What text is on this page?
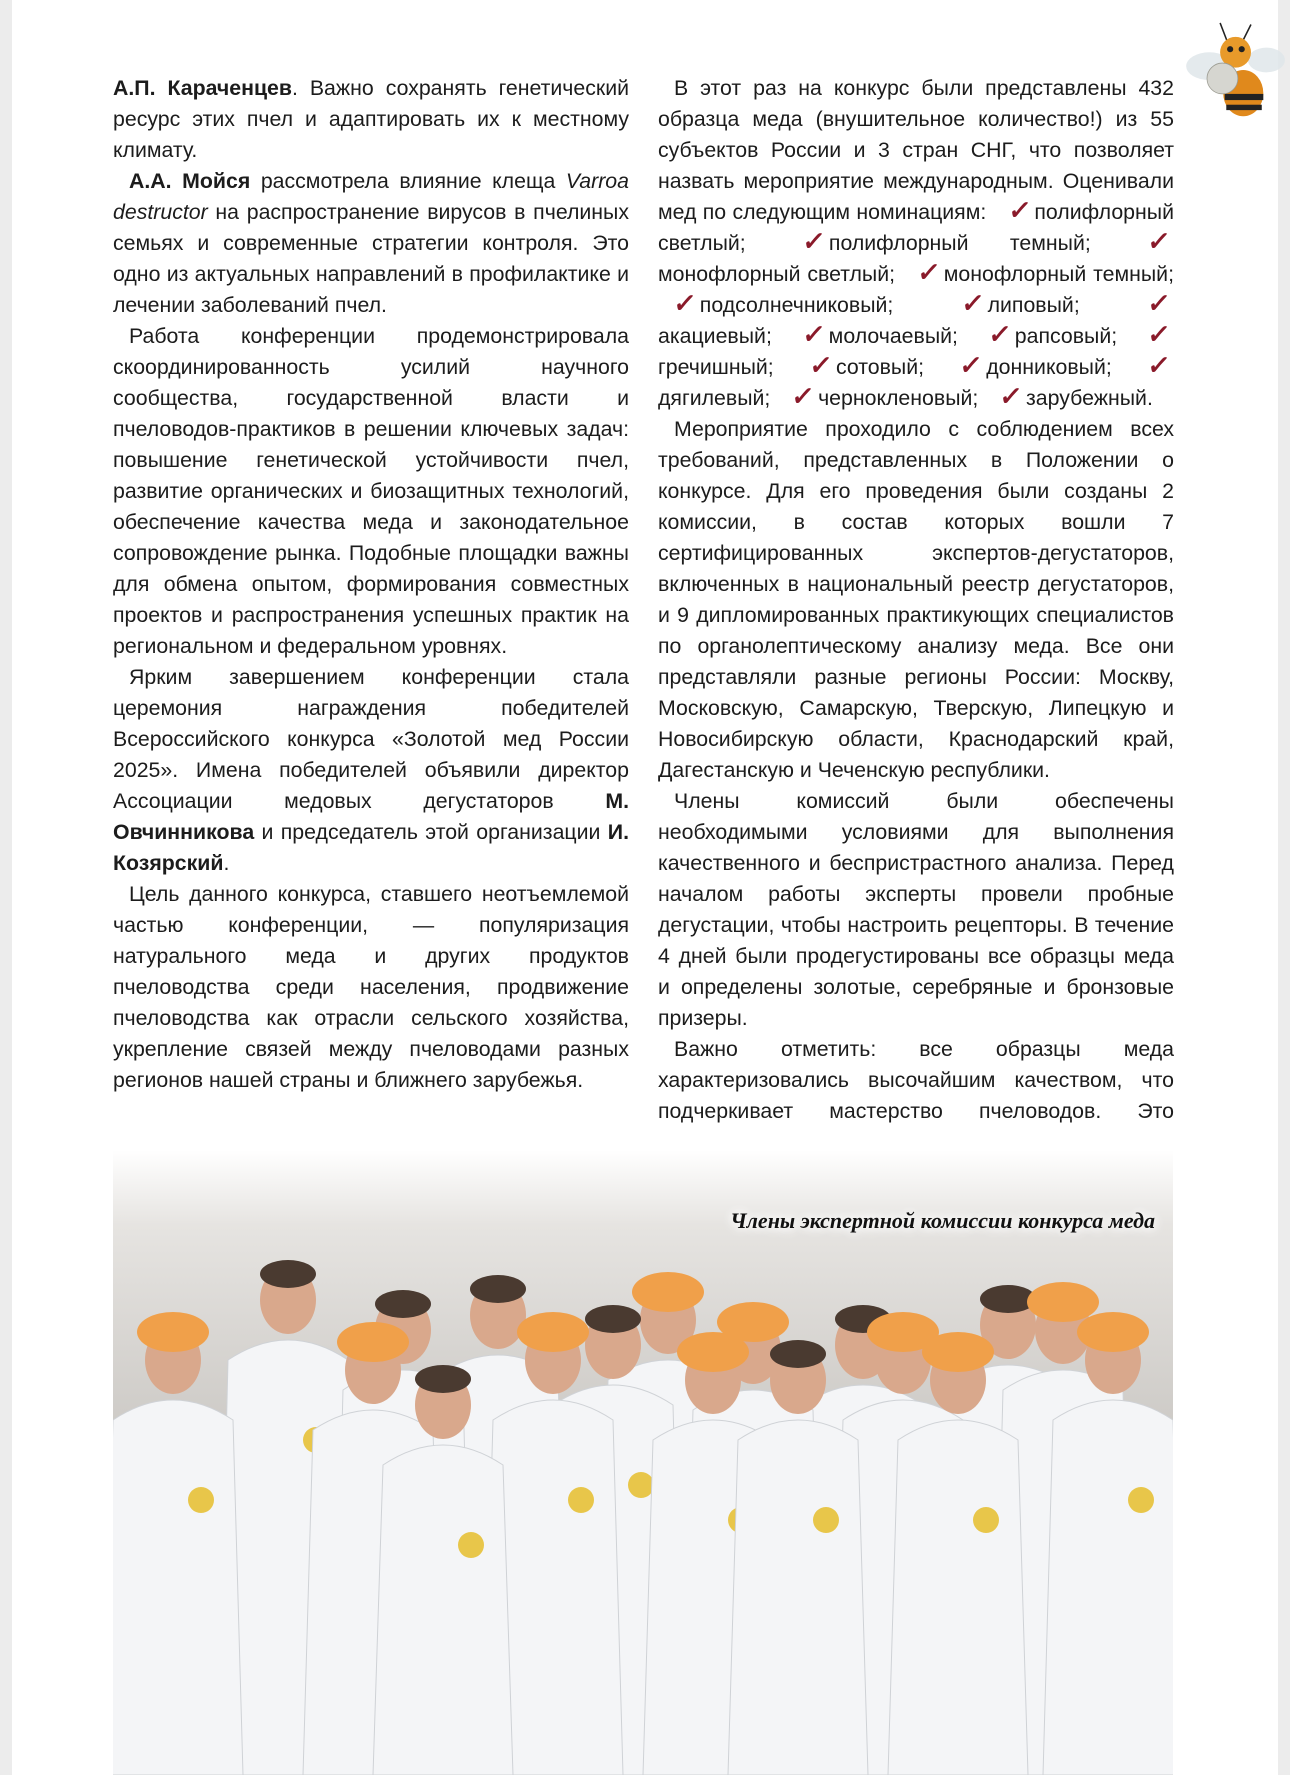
А.П. Караченцев. Важно сохранять генетический ресурс этих пчел и адаптировать их к местному климату.

А.А. Мойся рассмотрела влияние клеща Varroa destructor на распространение вирусов в пчелиных семьях и современные стратегии контроля. Это одно из актуальных направлений в профилактике и лечении заболеваний пчел.

Работа конференции продемонстрировала скоординированность усилий научного сообщества, государственной власти и пчеловодов-практиков в решении ключевых задач: повышение генетической устойчивости пчел, развитие органических и биозащитных технологий, обеспечение качества меда и законодательное сопровождение рынка. Подобные площадки важны для обмена опытом, формирования совместных проектов и распространения успешных практик на региональном и федеральном уровнях.

Ярким завершением конференции стала церемония награждения победителей Всероссийского конкурса «Золотой мед России 2025». Имена победителей объявили директор Ассоциации медовых дегустаторов М. Овчинникова и председатель этой организации И. Козярский.

Цель данного конкурса, ставшего неотъемлемой частью конференции, — популяризация натурального меда и других продуктов пчеловодства среди населения, продвижение пчеловодства как отрасли сельского хозяйства, укрепление связей между пчеловодами разных регионов нашей страны и ближнего зарубежья.

В этот раз на конкурс были представлены 432 образца меда (внушительное количество!) из 55 субъектов России и 3 стран СНГ, что позволяет назвать мероприятие международным. Оценивали мед по следующим номинациям: ✓полифлорный светлый; ✓полифлорный темный; ✓монофлорный светлый; ✓монофлорный темный; ✓подсолнечниковый; ✓липовый; ✓акациевый; ✓молочаевый; ✓рапсовый; ✓гречишный; ✓сотовый; ✓донниковый; ✓дягилевый; ✓чернокленовый; ✓зарубежный.

Мероприятие проходило с соблюдением всех требований, представленных в Положении о конкурсе. Для его проведения были созданы 2 комиссии, в состав которых вошли 7 сертифицированных экспертов-дегустаторов, включенных в национальный реестр дегустаторов, и 9 дипломированных практикующих специалистов по органолептическому анализу меда. Все они представляли разные регионы России: Москву, Московскую, Самарскую, Тверскую, Липецкую и Новосибирскую области, Краснодарский край, Дагестанскую и Чеченскую республики.

Члены комиссий были обеспечены необходимыми условиями для выполнения качественного и беспристрастного анализа. Перед началом работы эксперты провели пробные дегустации, чтобы настроить рецепторы. В течение 4 дней были продегустированы все образцы меда и определены золотые, серебряные и бронзовые призеры.

Важно отметить: все образцы меда характеризовались высочайшим качеством, что подчеркивает мастерство пчеловодов. Это

Члены экспертной комиссии конкурса меда
